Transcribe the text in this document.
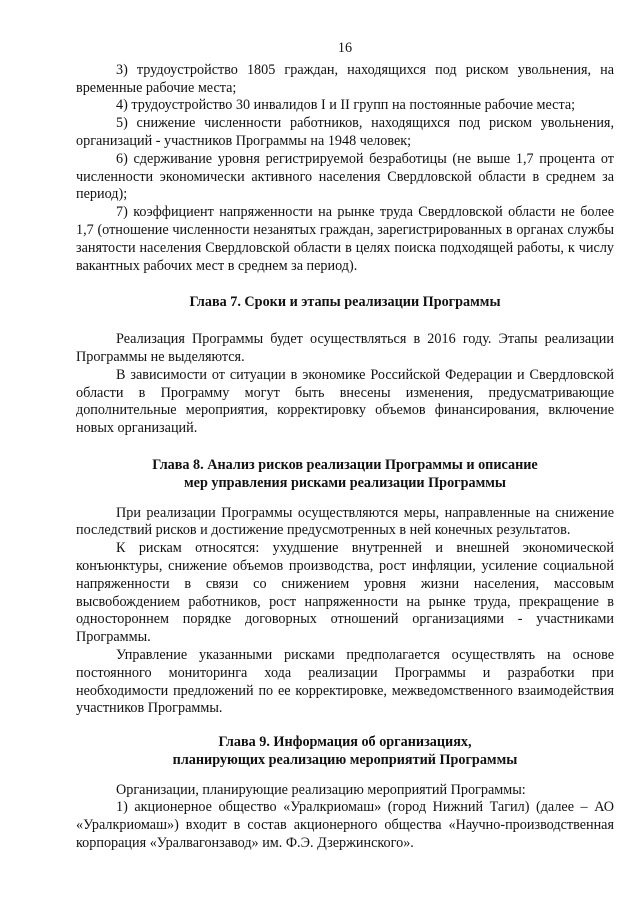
16

3) трудоустройство 1805 граждан, находящихся под риском увольнения, на временные рабочие места;

4) трудоустройство 30 инвалидов I и II групп на постоянные рабочие места;

5) снижение численности работников, находящихся под риском увольнения, организаций - участников Программы на 1948 человек;

6) сдерживание уровня регистрируемой безработицы (не выше 1,7 процента от численности экономически активного населения Свердловской области в среднем за период);

7) коэффициент напряженности на рынке труда Свердловской области не более 1,7 (отношение численности незанятых граждан, зарегистрированных в органах службы занятости населения Свердловской области в целях поиска подходящей работы, к числу вакантных рабочих мест в среднем за период).

Глава 7. Сроки и этапы реализации Программы

Реализация Программы будет осуществляться в 2016 году. Этапы реализации Программы не выделяются.

В зависимости от ситуации в экономике Российской Федерации и Свердловской области в Программу могут быть внесены изменения, предусматривающие дополнительные мероприятия, корректировку объемов финансирования, включение новых организаций.

Глава 8. Анализ рисков реализации Программы и описание
мер управления рисками реализации Программы

При реализации Программы осуществляются меры, направленные на снижение последствий рисков и достижение предусмотренных в ней конечных результатов.

К рискам относятся: ухудшение внутренней и внешней экономической конъюнктуры, снижение объемов производства, рост инфляции, усиление социальной напряженности в связи со снижением уровня жизни населения, массовым высвобождением работников, рост напряженности на рынке труда, прекращение в одностороннем порядке договорных отношений организациями - участниками Программы.

Управление указанными рисками предполагается осуществлять на основе постоянного мониторинга хода реализации Программы и разработки при необходимости предложений по ее корректировке, межведомственного взаимодействия участников Программы.

Глава 9. Информация об организациях,
планирующих реализацию мероприятий Программы

Организации, планирующие реализацию мероприятий Программы:

1) акционерное общество «Уралкриомаш» (город Нижний Тагил) (далее – АО «Уралкриомаш») входит в состав акционерного общества «Научно-производственная корпорация «Уралвагонзавод» им. Ф.Э. Дзержинского».
